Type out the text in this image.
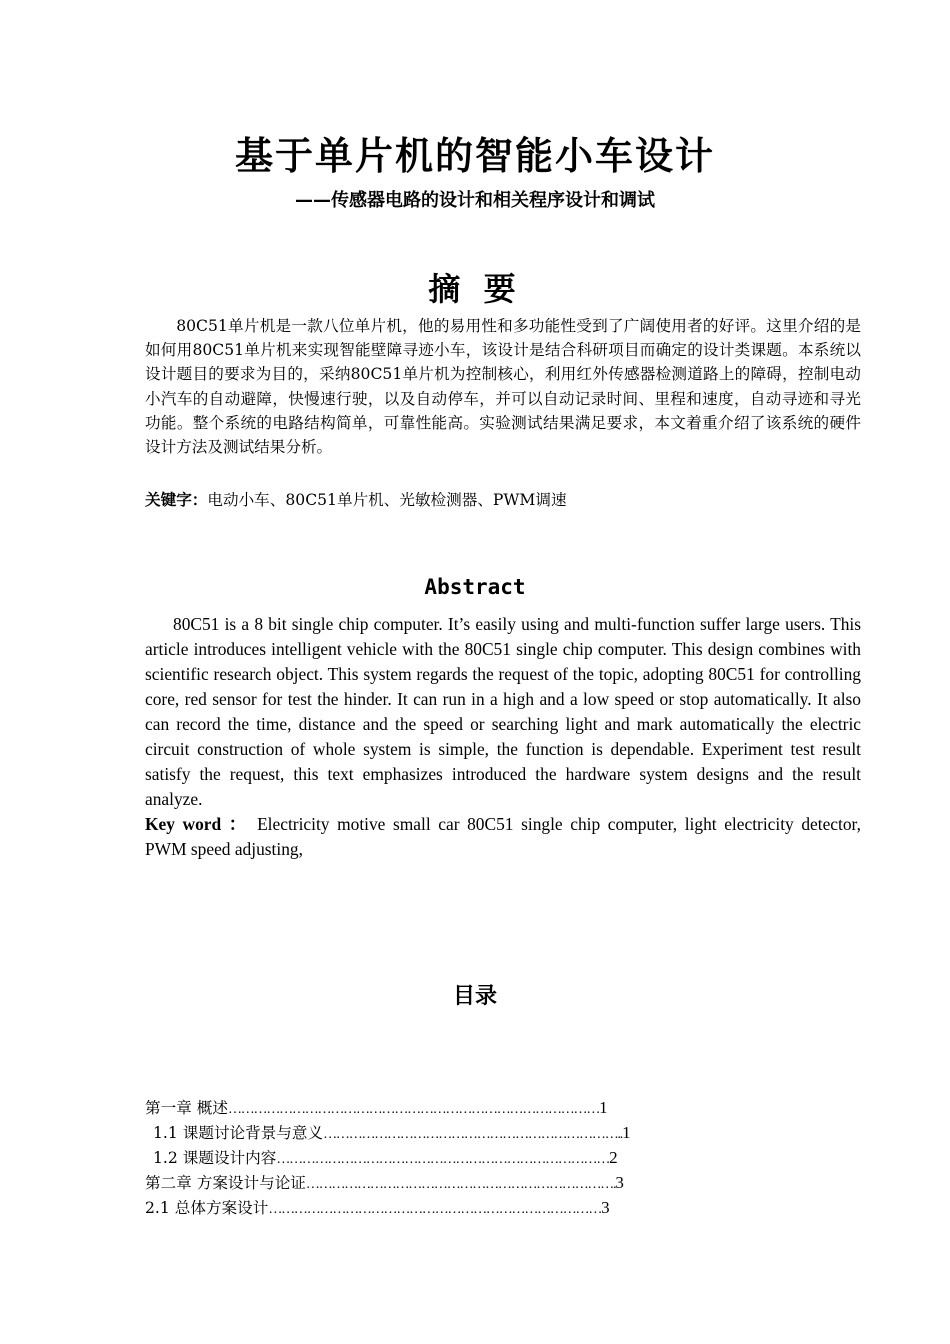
基于单片机的智能小车设计
——传感器电路的设计和相关程序设计和调试
摘 要

80C51单片机是一款八位单片机，他的易用性和多功能性受到了广阔使用者的好评。这里介绍的是如何用80C51单片机来实现智能壁障寻迹小车，该设计是结合科研项目而确定的设计类课题。本系统以设计题目的要求为目的，采纳80C51单片机为控制核心，利用红外传感器检测道路上的障碍，控制电动小汽车的自动避障，快慢速行驶，以及自动停车，并可以自动记录时间、里程和速度，自动寻迹和寻光功能。整个系统的电路结构简单，可靠性能高。实验测试结果满足要求，本文着重介绍了该系统的硬件设计方法及测试结果分析。

关键字：电动小车、80C51单片机、光敏检测器、PWM调速

Abstract

80C51 is a 8 bit single chip computer. It’s easily using and multi-function suffer large users. This article introduces intelligent vehicle with the 80C51 single chip computer. This design combines with scientific research object. This system regards the request of the topic, adopting 80C51 for controlling core, red sensor for test the hinder. It can run in a high and a low speed or stop automatically. It also can record the time, distance and the speed or searching light and mark automatically the electric circuit construction of whole system is simple, the function is dependable. Experiment test result satisfy the request, this text emphasizes introduced the hardware system designs and the result analyze.

Key word ： Electricity motive small car 80C51 single chip computer, light electricity detector, PWM speed adjusting,

目录
第一章 概述……………………………………………………………………………1
1.1 课题讨论背景与意义……………………………………………………………..1
1.2 课题设计内容……………………………………………………………………2
第二章 方案设计与论证……………………………………………………………….3
2.1 总体方案设计……………………………………………………………………3
